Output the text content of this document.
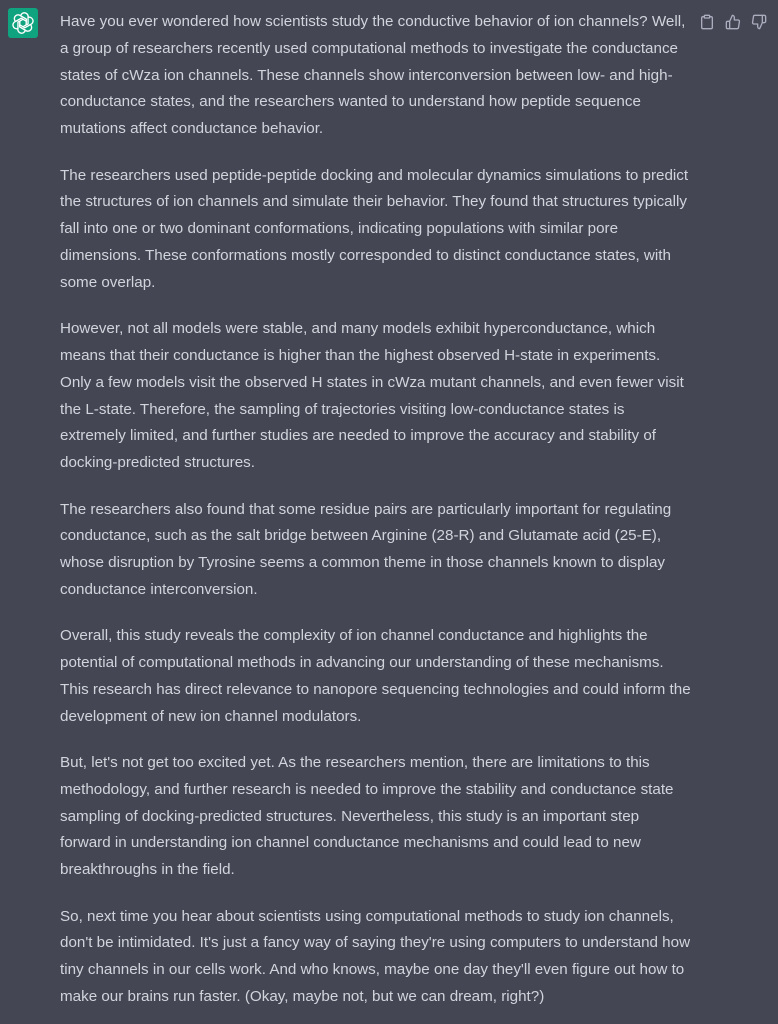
Have you ever wondered how scientists study the conductive behavior of ion channels? Well, a group of researchers recently used computational methods to investigate the conductance states of cWza ion channels. These channels show interconversion between low- and high-conductance states, and the researchers wanted to understand how peptide sequence mutations affect conductance behavior.

The researchers used peptide-peptide docking and molecular dynamics simulations to predict the structures of ion channels and simulate their behavior. They found that structures typically fall into one or two dominant conformations, indicating populations with similar pore dimensions. These conformations mostly corresponded to distinct conductance states, with some overlap.

However, not all models were stable, and many models exhibit hyperconductance, which means that their conductance is higher than the highest observed H-state in experiments. Only a few models visit the observed H states in cWza mutant channels, and even fewer visit the L-state. Therefore, the sampling of trajectories visiting low-conductance states is extremely limited, and further studies are needed to improve the accuracy and stability of docking-predicted structures.

The researchers also found that some residue pairs are particularly important for regulating conductance, such as the salt bridge between Arginine (28-R) and Glutamate acid (25-E), whose disruption by Tyrosine seems a common theme in those channels known to display conductance interconversion.

Overall, this study reveals the complexity of ion channel conductance and highlights the potential of computational methods in advancing our understanding of these mechanisms. This research has direct relevance to nanopore sequencing technologies and could inform the development of new ion channel modulators.

But, let's not get too excited yet. As the researchers mention, there are limitations to this methodology, and further research is needed to improve the stability and conductance state sampling of docking-predicted structures. Nevertheless, this study is an important step forward in understanding ion channel conductance mechanisms and could lead to new breakthroughs in the field.

So, next time you hear about scientists using computational methods to study ion channels, don't be intimidated. It's just a fancy way of saying they're using computers to understand how tiny channels in our cells work. And who knows, maybe one day they'll even figure out how to make our brains run faster. (Okay, maybe not, but we can dream, right?)
